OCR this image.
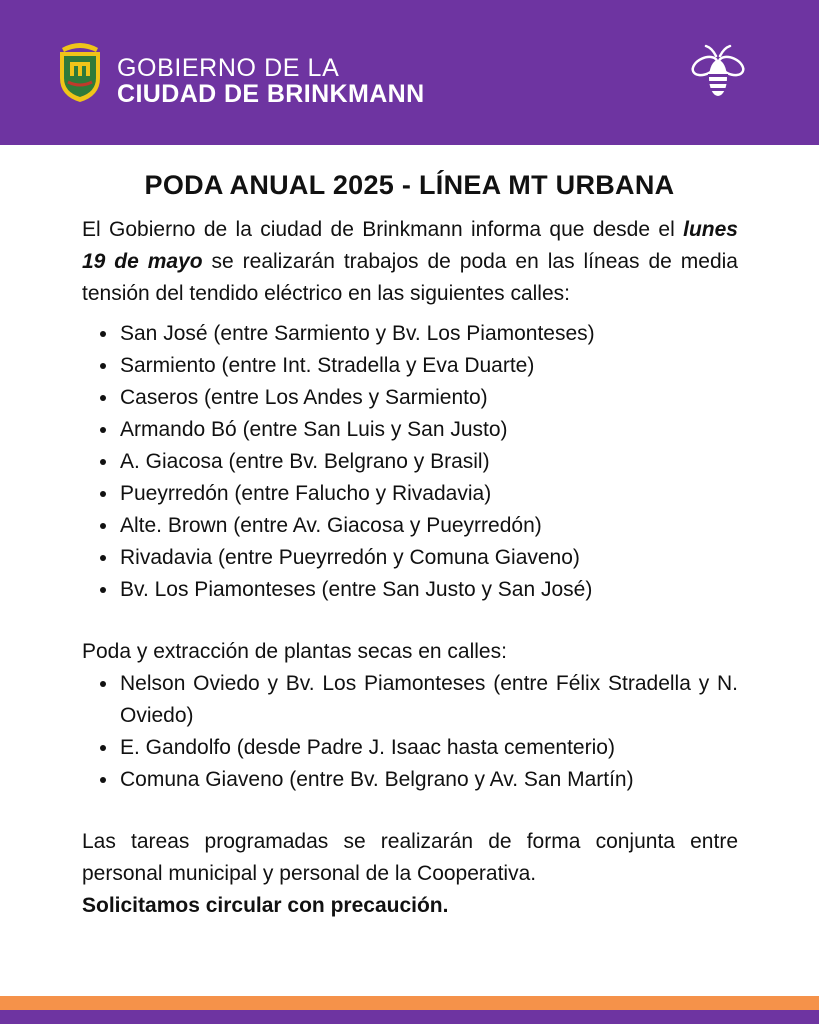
GOBIERNO DE LA
CIUDAD DE BRINKMANN
PODA ANUAL 2025 - LÍNEA MT URBANA

El Gobierno de la ciudad de Brinkmann informa que desde el lunes 19 de mayo se realizarán trabajos de poda en las líneas de media tensión del tendido eléctrico en las siguientes calles:

San José (entre Sarmiento y Bv. Los Piamonteses)
Sarmiento (entre Int. Stradella y Eva Duarte)
Caseros (entre Los Andes y Sarmiento)
Armando Bó (entre San Luis y San Justo)
A. Giacosa (entre Bv. Belgrano y Brasil)
Pueyrredón (entre Falucho y Rivadavia)
Alte. Brown (entre Av. Giacosa y Pueyrredón)
Rivadavia (entre Pueyrredón y Comuna Giaveno)
Bv. Los Piamonteses (entre San Justo y San José)

Poda y extracción de plantas secas en calles:

Nelson Oviedo y Bv. Los Piamonteses (entre Félix Stradella y N. Oviedo)
E. Gandolfo (desde Padre J. Isaac hasta cementerio)
Comuna Giaveno (entre Bv. Belgrano y Av. San Martín)

Las tareas programadas se realizarán de forma conjunta entre personal municipal y personal de la Cooperativa.
Solicitamos circular con precaución.
